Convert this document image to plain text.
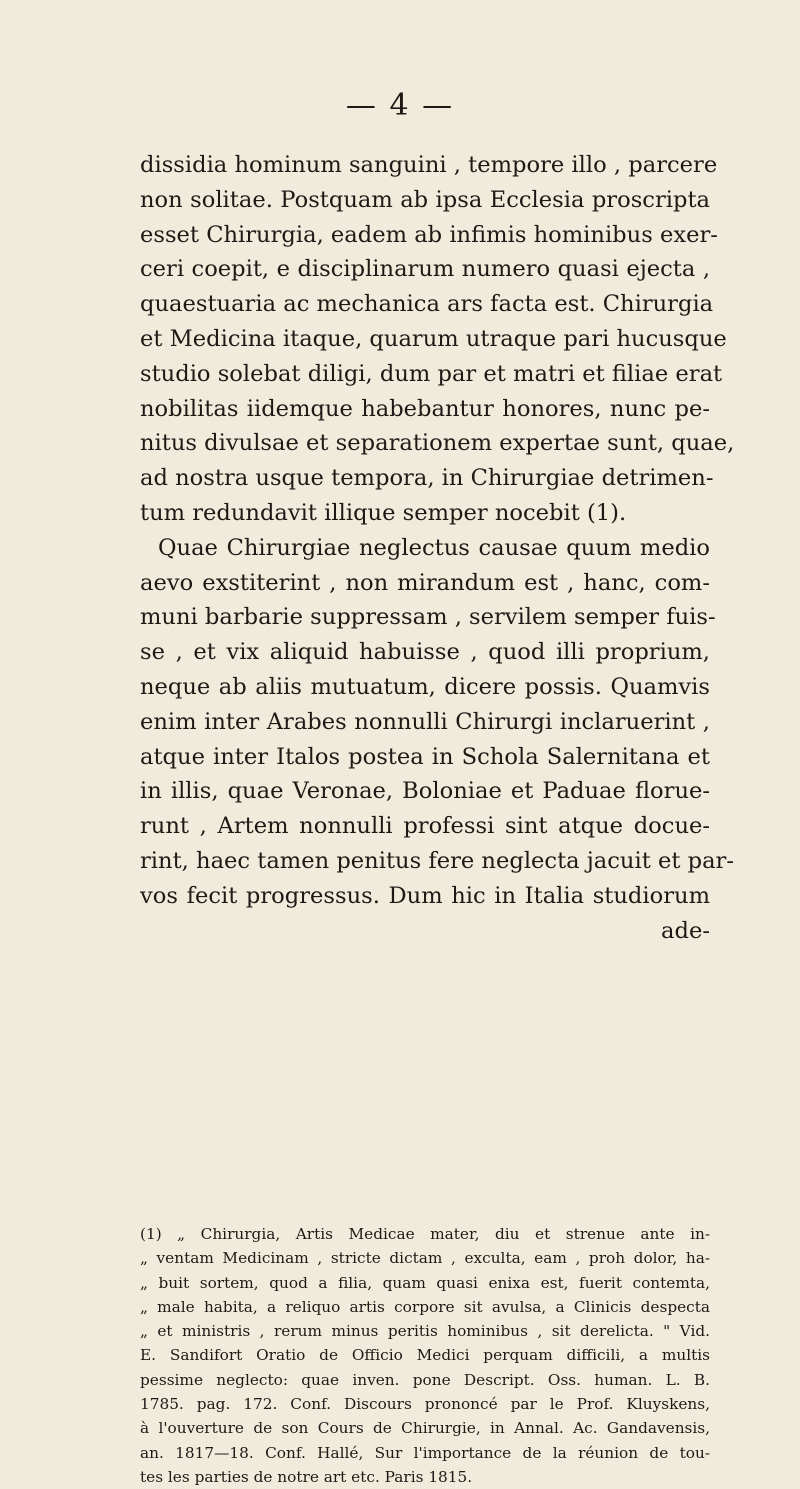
— 4 —
dissidia hominum sanguini , tempore illo , parcere
non solitae. Postquam ab ipsa Ecclesia proscripta
esset Chirurgia, eadem ab infimis hominibus exer-
ceri coepit, e disciplinarum numero quasi ejecta ,
quaestuaria ac mechanica ars facta est. Chirurgia
et Medicina itaque, quarum utraque pari hucusque
studio solebat diligi, dum par et matri et filiae erat
nobilitas iidemque habebantur honores, nunc pe-
nitus divulsae et separationem expertae sunt, quae,
ad nostra usque tempora, in Chirurgiae detrimen-
tum redundavit illique semper nocebit (1).
Quae Chirurgiae neglectus causae quum medio
aevo exstiterint , non mirandum est , hanc, com-
muni barbarie suppressam , servilem semper fuis-
se , et vix aliquid habuisse , quod illi proprium,
neque ab aliis mutuatum, dicere possis. Quamvis
enim inter Arabes nonnulli Chirurgi inclaruerint ,
atque inter Italos postea in Schola Salernitana et
in illis, quae Veronae, Boloniae et Paduae florue-
runt , Artem nonnulli professi sint atque docue-
rint, haec tamen penitus fere neglecta jacuit et par-
vos fecit progressus. Dum hic in Italia studiorum
ade-
(1) „ Chirurgia, Artis Medicae mater, diu et strenue ante in-
„ ventam Medicinam , stricte dictam , exculta, eam , proh dolor, ha-
„ buit sortem, quod a filia, quam quasi enixa est, fuerit contemta,
„ male habita, a reliquo artis corpore sit avulsa, a Clinicis despecta
„ et ministris , rerum minus peritis hominibus , sit derelicta. " Vid.
E. Sandifort Oratio de Officio Medici perquam difficili, a multis
pessime neglecto: quae inven. pone Descript. Oss. human. L. B.
1785. pag. 172. Conf. Discours prononcé par le Prof. Kluyskens,
à l'ouverture de son Cours de Chirurgie, in Annal. Ac. Gandavensis,
an. 1817—18. Conf. Hallé, Sur l'importance de la réunion de tou-
tes les parties de notre art etc. Paris 1815.
